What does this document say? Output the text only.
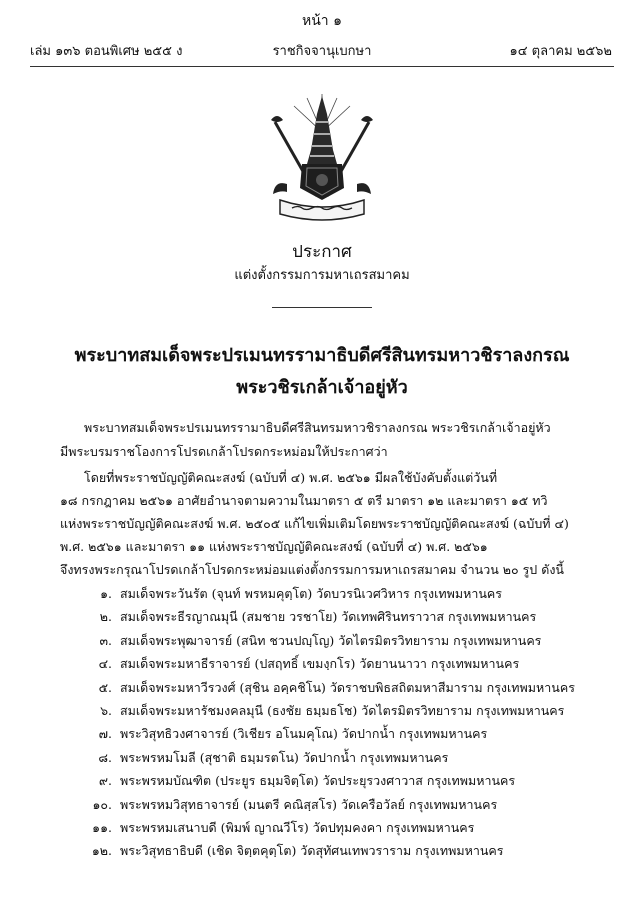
หน้า ๑
เล่ม ๑๓๖ ตอนพิเศษ ๒๕๕ ง	ราชกิจจานุเบกษา	๑๔ ตุลาคม ๒๕๖๒
ประกาศ
แต่งตั้งกรรมการมหาเถรสมาคม
พระบาทสมเด็จพระปรเมนทรรามาธิบดีศรีสินทรมหาวชิราลงกรณ
พระวชิรเกล้าเจ้าอยู่หัว
พระบาทสมเด็จพระปรเมนทรรามาธิบดีศรีสินทรมหาวชิราลงกรณ พระวชิรเกล้าเจ้าอยู่หัว
มีพระบรมราชโองการโปรดเกล้าโปรดกระหม่อมให้ประกาศว่า
โดยที่พระราชบัญญัติคณะสงฆ์ (ฉบับที่ ๔) พ.ศ. ๒๕๖๑ มีผลใช้บังคับตั้งแต่วันที่
๑๘ กรกฎาคม ๒๕๖๑ อาศัยอำนาจตามความในมาตรา ๕ ตรี มาตรา ๑๒ และมาตรา ๑๕ ทวิ
แห่งพระราชบัญญัติคณะสงฆ์ พ.ศ. ๒๕๐๕ แก้ไขเพิ่มเติมโดยพระราชบัญญัติคณะสงฆ์ (ฉบับที่ ๔)
พ.ศ. ๒๕๖๑ และมาตรา ๑๑ แห่งพระราชบัญญัติคณะสงฆ์ (ฉบับที่ ๔) พ.ศ. ๒๕๖๑
จึงทรงพระกรุณาโปรดเกล้าโปรดกระหม่อมแต่งตั้งกรรมการมหาเถรสมาคม จำนวน ๒๐ รูป ดังนี้
๑. สมเด็จพระวันรัต (จุนท์ พรหมคุตฺโต) วัดบวรนิเวศวิหาร กรุงเทพมหานคร
๒. สมเด็จพระธีรญาณมุนี (สมชาย วรชาโย) วัดเทพศิรินทราวาส กรุงเทพมหานคร
๓. สมเด็จพระพุฒาจารย์ (สนิท ชวนปญฺโญ) วัดไตรมิตรวิทยาราม กรุงเทพมหานคร
๔. สมเด็จพระมหาธีราจารย์ (ปสฤทธิ์ เขมงฺกโร) วัดยานนาวา กรุงเทพมหานคร
๕. สมเด็จพระมหาวีรวงศ์ (สุชิน อคฺคชิโน) วัดราชบพิธสถิตมหาสีมาราม กรุงเทพมหานคร
๖. สมเด็จพระมหารัชมงคลมุนี (ธงชัย ธมฺมธโช) วัดไตรมิตรวิทยาราม กรุงเทพมหานคร
๗. พระวิสุทธิวงศาจารย์ (วิเชียร อโนมคุโณ) วัดปากน้ำ กรุงเทพมหานคร
๘. พระพรหมโมลี (สุชาติ ธมฺมรตโน) วัดปากน้ำ กรุงเทพมหานคร
๙. พระพรหมบัณฑิต (ประยูร ธมฺมจิตฺโต) วัดประยุรวงศาวาส กรุงเทพมหานคร
๑๐. พระพรหมวิสุทธาจารย์ (มนตรี คณิสฺสโร) วัดเครือวัลย์ กรุงเทพมหานคร
๑๑. พระพรหมเสนาบดี (พิมพ์ ญาณวีโร) วัดปทุมคงคา กรุงเทพมหานคร
๑๒. พระวิสุทธาธิบดี (เชิด จิตฺตคุตฺโต) วัดสุทัศนเทพวราราม กรุงเทพมหานคร
